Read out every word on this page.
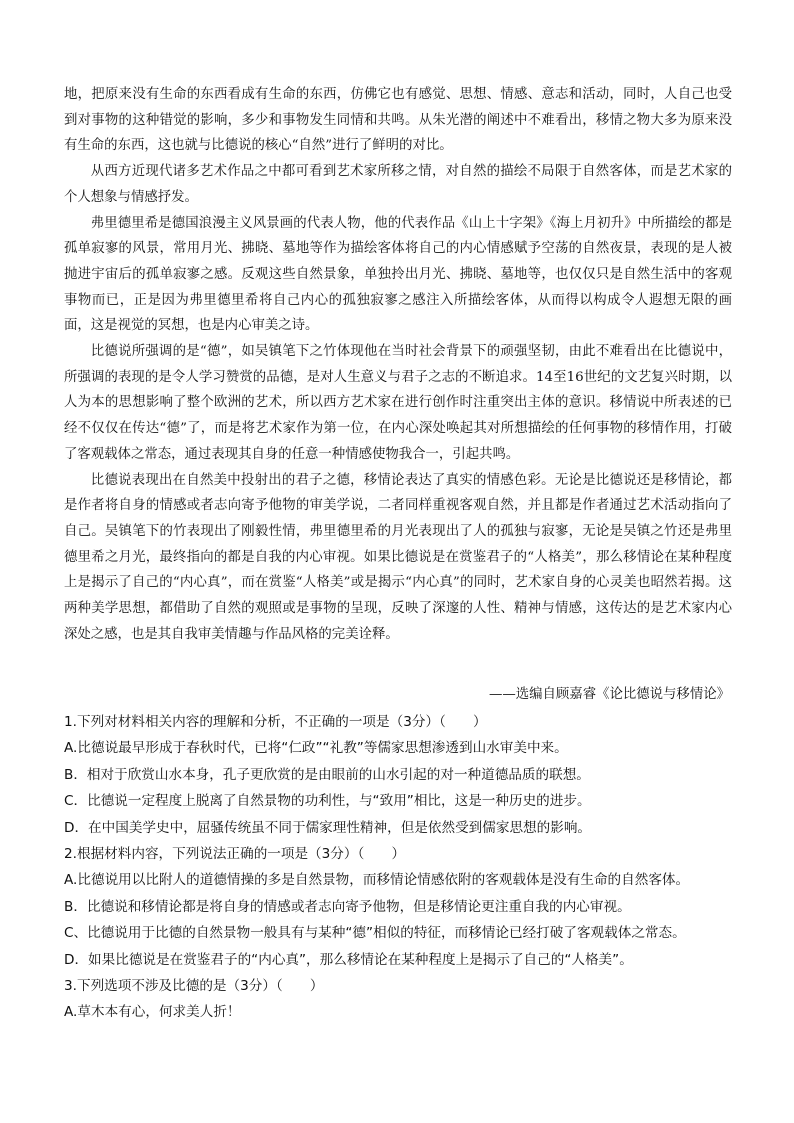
地，把原来没有生命的东西看成有生命的东西，仿佛它也有感觉、思想、情感、意志和活动，同时，人自己也受到对事物的这种错觉的影响，多少和事物发生同情和共鸣。从朱光潜的阐述中不难看出，移情之物大多为原来没有生命的东西，这也就与比德说的核心“自然”进行了鲜明的对比。

从西方近现代诸多艺术作品之中都可看到艺术家所移之情，对自然的描绘不局限于自然客体，而是艺术家的个人想象与情感抒发。

弗里德里希是德国浪漫主义风景画的代表人物，他的代表作品《山上十字架》《海上月初升》中所描绘的都是孤单寂寥的风景，常用月光、拂晓、墓地等作为描绘客体将自己的内心情感赋予空荡的自然夜景，表现的是人被抛进宇宙后的孤单寂寥之感。反观这些自然景象，单独拎出月光、拂晓、墓地等，也仅仅只是自然生活中的客观事物而已，正是因为弗里德里希将自己内心的孤独寂寥之感注入所描绘客体，从而得以构成令人遐想无限的画面，这是视觉的冥想，也是内心审美之诗。

比德说所强调的是“德”，如吴镇笔下之竹体现他在当时社会背景下的顽强坚韧，由此不难看出在比德说中，所强调的表现的是令人学习赞赏的品德，是对人生意义与君子之志的不断追求。14至16世纪的文艺复兴时期，以人为本的思想影响了整个欧洲的艺术，所以西方艺术家在进行创作时注重突出主体的意识。移情说中所表述的已经不仅仅在传达“德”了，而是将艺术家作为第一位，在内心深处唤起其对所想描绘的任何事物的移情作用，打破了客观载体之常态，通过表现其自身的任意一种情感使物我合一，引起共鸣。

比德说表现出在自然美中投射出的君子之德，移情论表达了真实的情感色彩。无论是比德说还是移情论，都是作者将自身的情感或者志向寄予他物的审美学说，二者同样重视客观自然，并且都是作者通过艺术活动指向了自己。吴镇笔下的竹表现出了刚毅性情，弗里德里希的月光表现出了人的孤独与寂寥，无论是吴镇之竹还是弗里德里希之月光，最终指向的都是自我的内心审视。如果比德说是在赏鉴君子的“人格美”，那么移情论在某种程度上是揭示了自己的“内心真”，而在赏鉴“人格美”或是揭示“内心真”的同时，艺术家自身的心灵美也昭然若揭。这两种美学思想，都借助了自然的观照或是事物的呈现，反映了深邃的人性、精神与情感，这传达的是艺术家内心深处之感，也是其自我审美情趣与作品风格的完美诠释。

——选编自顾嘉睿《论比德说与移情论》

1.下列对材料相关内容的理解和分析，不正确的一项是（3分）（　　）

A.比德说最早形成于春秋时代，已将“仁政”“礼教”等儒家思想渗透到山水审美中来。

B．相对于欣赏山水本身，孔子更欣赏的是由眼前的山水引起的对一种道德品质的联想。

C．比德说一定程度上脱离了自然景物的功利性，与“致用”相比，这是一种历史的进步。

D．在中国美学史中，屈骚传统虽不同于儒家理性精神，但是依然受到儒家思想的影响。

2.根据材料内容，下列说法正确的一项是（3分）（　　）

A.比德说用以比附人的道德情操的多是自然景物，而移情论情感依附的客观载体是没有生命的自然客体。

B．比德说和移情论都是将自身的情感或者志向寄予他物，但是移情论更注重自我的内心审视。

C、比德说用于比德的自然景物一般具有与某种“德”相似的特征，而移情论已经打破了客观载体之常态。

D．如果比德说是在赏鉴君子的“内心真”，那么移情论在某种程度上是揭示了自己的“人格美”。

3.下列选项不涉及比德的是（3分）（　　）

A.草木本有心，何求美人折！
